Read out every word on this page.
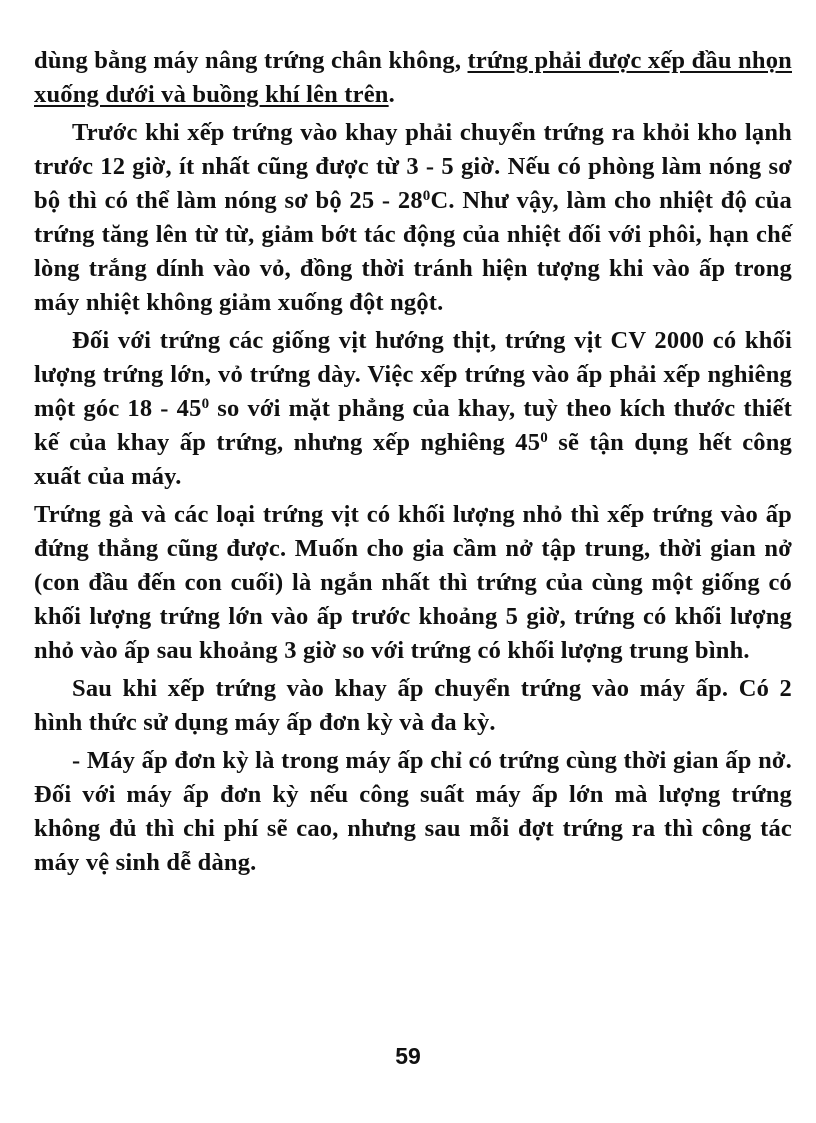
dùng bằng máy nâng trứng chân không, trứng phải được xếp đầu nhọn xuống dưới và buồng khí lên trên.

Trước khi xếp trứng vào khay phải chuyển trứng ra khỏi kho lạnh trước 12 giờ, ít nhất cũng được từ 3 - 5 giờ. Nếu có phòng làm nóng sơ bộ thì có thể làm nóng sơ bộ $25 - 28^0C$. Như vậy, làm cho nhiệt độ của trứng tăng lên từ từ, giảm bớt tác động của nhiệt đối với phôi, hạn chế lòng trắng dính vào vỏ, đồng thời tránh hiện tượng khi vào ấp trong máy nhiệt không giảm xuống đột ngột.

Đối với trứng các giống vịt hướng thịt, trứng vịt CV 2000 có khối lượng trứng lớn, vỏ trứng dày. Việc xếp trứng vào ấp phải xếp nghiêng một góc $18 - 45^0$ so với mặt phẳng của khay, tuỳ theo kích thước thiết kế của khay ấp trứng, nhưng xếp nghiêng $45^0$ sẽ tận dụng hết công xuất của máy.

Trứng gà và các loại trứng vịt có khối lượng nhỏ thì xếp trứng vào ấp đứng thẳng cũng được. Muốn cho gia cầm nở tập trung, thời gian nở (con đầu đến con cuối) là ngắn nhất thì trứng của cùng một giống có khối lượng trứng lớn vào ấp trước khoảng 5 giờ, trứng có khối lượng nhỏ vào ấp sau khoảng 3 giờ so với trứng có khối lượng trung bình.

Sau khi xếp trứng vào khay ấp chuyển trứng vào máy ấp. Có 2 hình thức sử dụng máy ấp đơn kỳ và đa kỳ.

- Máy ấp đơn kỳ là trong máy ấp chỉ có trứng cùng thời gian ấp nở. Đối với máy ấp đơn kỳ nếu công suất máy ấp lớn mà lượng trứng không đủ thì chi phí sẽ cao, nhưng sau mỗi đợt trứng ra thì công tác máy vệ sinh dễ dàng.

59
